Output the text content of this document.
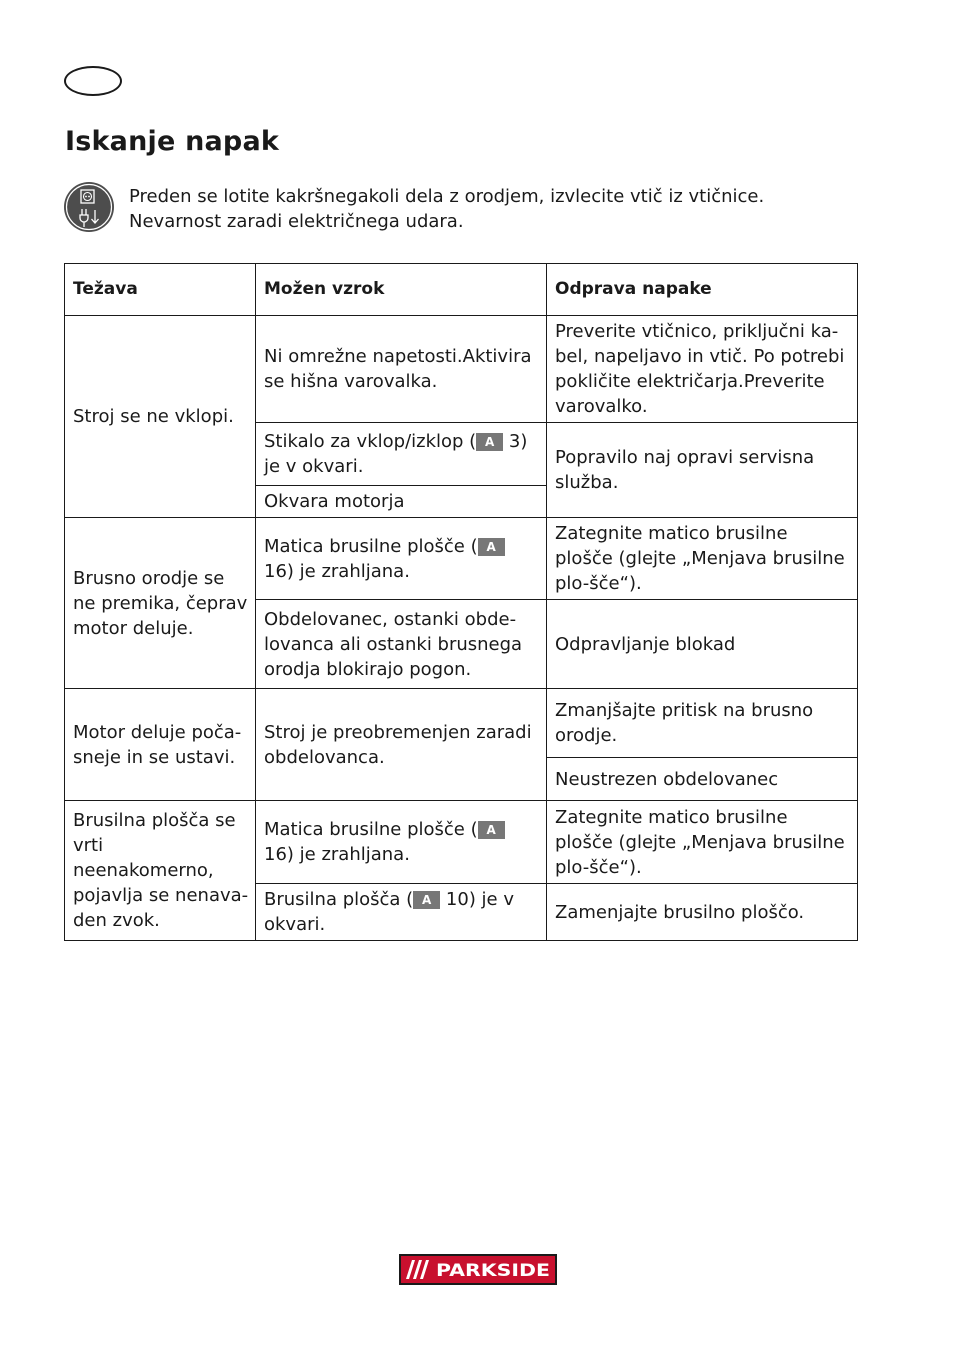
Iskanje napak

Preden se lotite kakršnegakoli dela z orodjem, izvlecite vtič iz vtičnice. Nevarnost zaradi električnega udara.

Težava	Možen vzrok	Odprava napake
Stroj se ne vklopi.	Ni omrežne napetosti.Aktivira se hišna varovalka.	Preverite vtičnico, priključni ka-bel, napeljavo in vtič. Po potrebi pokličite električarja.Preverite varovalko.
	Stikalo za vklop/izklop ( A 3) je v okvari.	Popravilo naj opravi servisna služba.
	Okvara motorja	
Brusno orodje se ne premika, čeprav motor deluje.	Matica brusilne plošče ( A 16) je zrahljana.	Zategnite matico brusilne plošče (glejte „Menjava brusilne plo-šče“).
	Obdelovanec, ostanki obde-lovanca ali ostanki brusnega orodja blokirajo pogon.	Odpravljanje blokad
Motor deluje poča-sneje in se ustavi.	Stroj je preobremenjen zaradi obdelovanca.	Zmanjšajte pritisk na brusno orodje.
		Neustrezen obdelovanec
Brusilna plošča se vrti neenakomerno, pojavlja se nenava-den zvok.	Matica brusilne plošče ( A 16) je zrahljana.	Zategnite matico brusilne plošče (glejte „Menjava brusilne plo-šče“).
	Brusilna plošča ( A 10) je v okvari.	Zamenjajte brusilno ploščo.
PARKSIDE
